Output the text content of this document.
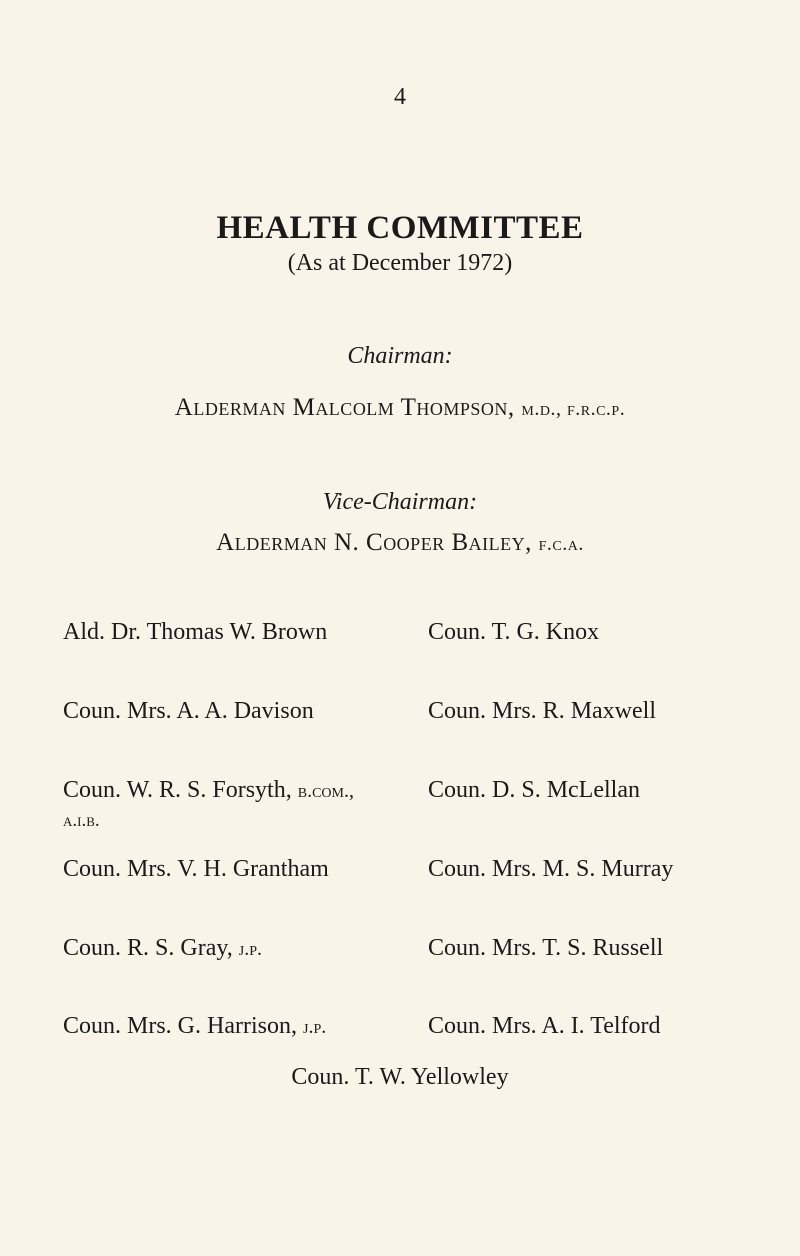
4
HEALTH COMMITTEE
(As at December 1972)
Chairman:
Alderman Malcolm Thompson, m.d., f.r.c.p.
Vice-Chairman:
Alderman N. Cooper Bailey, f.c.a.
Ald. Dr. Thomas W. Brown
Coun. Mrs. A. A. Davison
Coun. W. R. S. Forsyth, b.com.,
a.i.b.
Coun. Mrs. V. H. Grantham
Coun. R. S. Gray, j.p.
Coun. Mrs. G. Harrison, j.p.
Coun. T. G. Knox
Coun. Mrs. R. Maxwell
Coun. D. S. McLellan
Coun. Mrs. M. S. Murray
Coun. Mrs. T. S. Russell
Coun. Mrs. A. I. Telford
Coun. T. W. Yellowley
